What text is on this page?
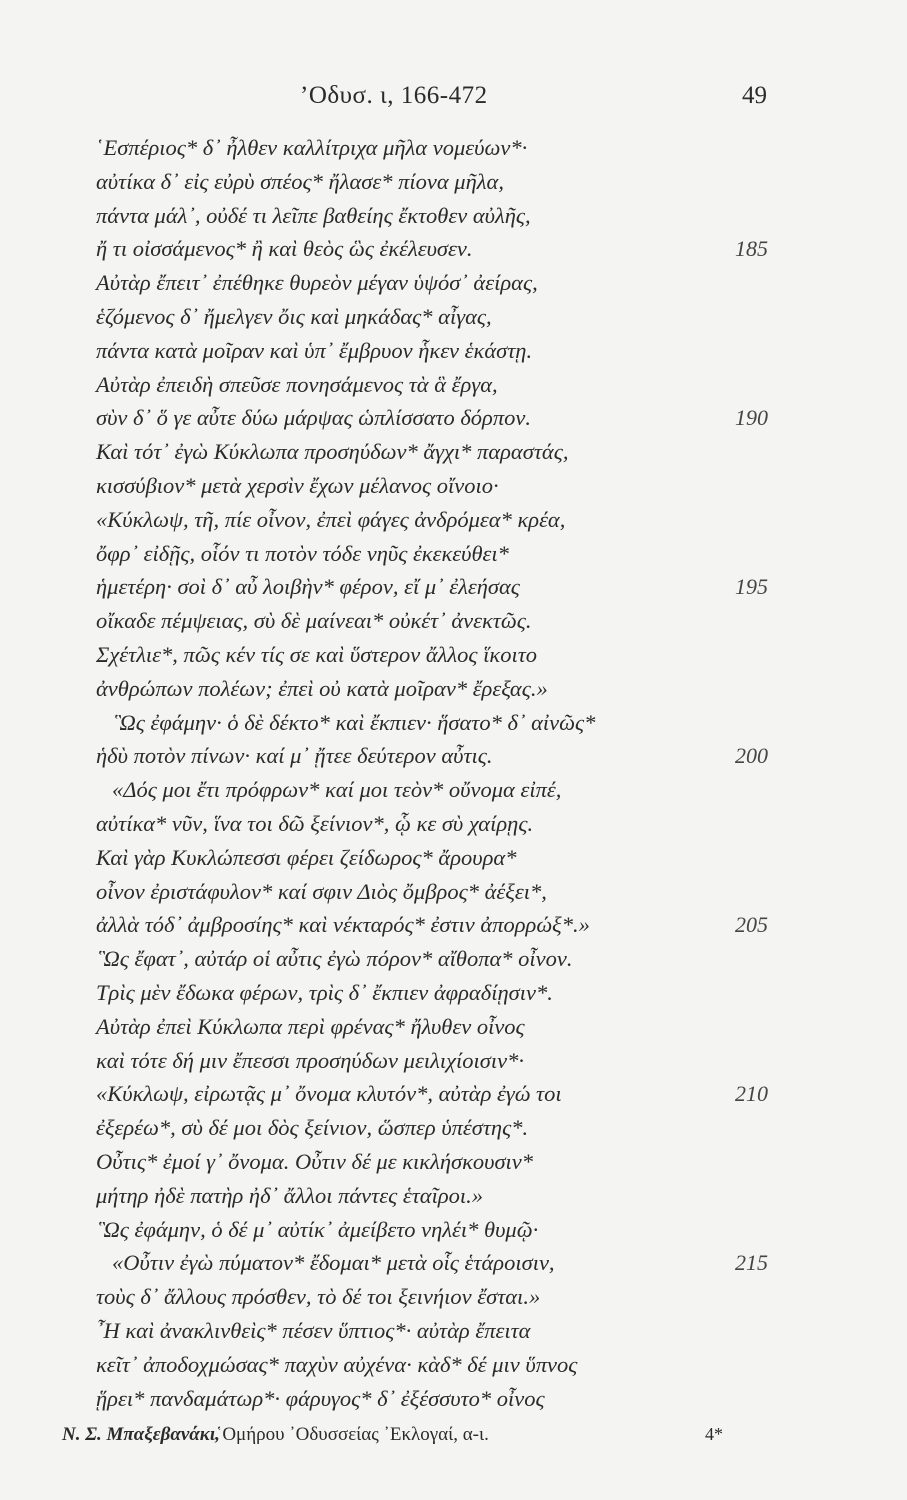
’Οδυσ. ι, 166-472	49
῾Εσπέριος* δ᾽ ἦλθεν καλλίτριχα μῆλα νομεύων*·
αὐτίκα δ᾽ εἰς εὐρὺ σπέος* ἤλασε* πίονα μῆλα,
πάντα μάλ᾽, οὐδέ τι λεῖπε βαθείης ἔκτοθεν αὐλῆς,
ἤ τι οἰσσάμενος* ἢ καὶ θεὸς ὣς ἐκέλευσεν.	185
Αὐτὰρ ἔπειτ᾽ ἐπέθηκε θυρεὸν μέγαν ὑψόσ᾽ ἀείρας,
ἑζόμενος δ᾽ ἤμελγεν ὄις καὶ μηκάδας* αἶγας,
πάντα κατὰ μοῖραν καὶ ὑπ᾽ ἔμβρυον ἧκεν ἑκάστῃ.
Αὐτὰρ ἐπειδὴ σπεῦσε πονησάμενος τὰ ἃ ἔργα,
σὺν δ᾽ ὅ γε αὖτε δύω μάρψας ὡπλίσσατο δόρπον.	190
Καὶ τότ᾽ ἐγὼ Κύκλωπα προσηύδων* ἄγχι* παραστάς,
κισσύβιον* μετὰ χερσὶν ἔχων μέλανος οἴνοιο·
«Κύκλωψ, τῆ, πίε οἶνον, ἐπεὶ φάγες ἀνδρόμεα* κρέα,
ὄφρ᾽ εἰδῇς, οἷόν τι ποτὸν τόδε νηῦς ἐκεκεύθει*
ἡμετέρη· σοὶ δ᾽ αὖ λοιβὴν* φέρον, εἴ μ᾽ ἐλεήσας	195
οἴκαδε πέμψειας, σὺ δὲ μαίνεαι* οὐκέτ᾽ ἀνεκτῶς.
Σχέτλιε*, πῶς κέν τίς σε καὶ ὕστερον ἄλλος ἵκοιτο
ἀνθρώπων πολέων; ἐπεὶ οὐ κατὰ μοῖραν* ἔρεξας.»
῝Ως ἐφάμην· ὁ δὲ δέκτο* καὶ ἔκπιεν· ἥσατο* δ᾽ αἰνῶς*
ἡδὺ ποτὸν πίνων· καί μ᾽ ᾔτεε δεύτερον αὖτις.	200
«Δός μοι ἔτι πρόφρων* καί μοι τεὸν* οὔνομα εἰπέ,
αὐτίκα* νῦν, ἵνα τοι δῶ ξείνιον*, ᾧ κε σὺ χαίρῃς.
Καὶ γὰρ Κυκλώπεσσι φέρει ζείδωρος* ἄρουρα*
οἶνον ἐριστάφυλον* καί σφιν Διὸς ὄμβρος* ἀέξει*,
ἀλλὰ τόδ᾽ ἀμβροσίης* καὶ νέκταρός* ἐστιν ἀπορρώξ*.»	205
῝Ως ἔφατ᾽, αὐτάρ οἱ αὖτις ἐγὼ πόρον* αἴθοπα* οἶνον.
Τρὶς μὲν ἔδωκα φέρων, τρὶς δ᾽ ἔκπιεν ἀφραδίῃσιν*.
Αὐτὰρ ἐπεὶ Κύκλωπα περὶ φρένας* ἤλυθεν οἶνος
καὶ τότε δή μιν ἔπεσσι προσηύδων μειλιχίοισιν*·
«Κύκλωψ, εἰρωτᾷς μ᾽ ὄνομα κλυτόν*, αὐτὰρ ἐγώ τοι	210
ἐξερέω*, σὺ δέ μοι δὸς ξείνιον, ὥσπερ ὑπέστης*.
Οὖτις* ἐμοί γ᾽ ὄνομα. Οὖτιν δέ με κικλήσκουσιν*
μήτηρ ἠδὲ πατὴρ ἠδ᾽ ἄλλοι πάντες ἑταῖροι.»
῝Ως ἐφάμην, ὁ δέ μ᾽ αὐτίκ᾽ ἀμείβετο νηλέι* θυμῷ·
«Οὖτιν ἐγὼ πύματον* ἔδομαι* μετὰ οἷς ἑτάροισιν,	215
τοὺς δ᾽ ἄλλους πρόσθεν, τὸ δέ τοι ξεινήιον ἔσται.»
῏Η καὶ ἀνακλινθεὶς* πέσεν ὕπτιος*· αὐτὰρ ἔπειτα
κεῖτ᾽ ἀποδοχμώσας* παχὺν αὐχένα· κὰδ* δέ μιν ὕπνος
ᾕρει* πανδαμάτωρ*· φάρυγος* δ᾽ ἐξέσσυτο* οἶνος
Ν. Σ. Μπαξεβανάκι,
῾Ομήρου ᾽Οδυσσείας ᾽Εκλογαί, α-ι.	4*
